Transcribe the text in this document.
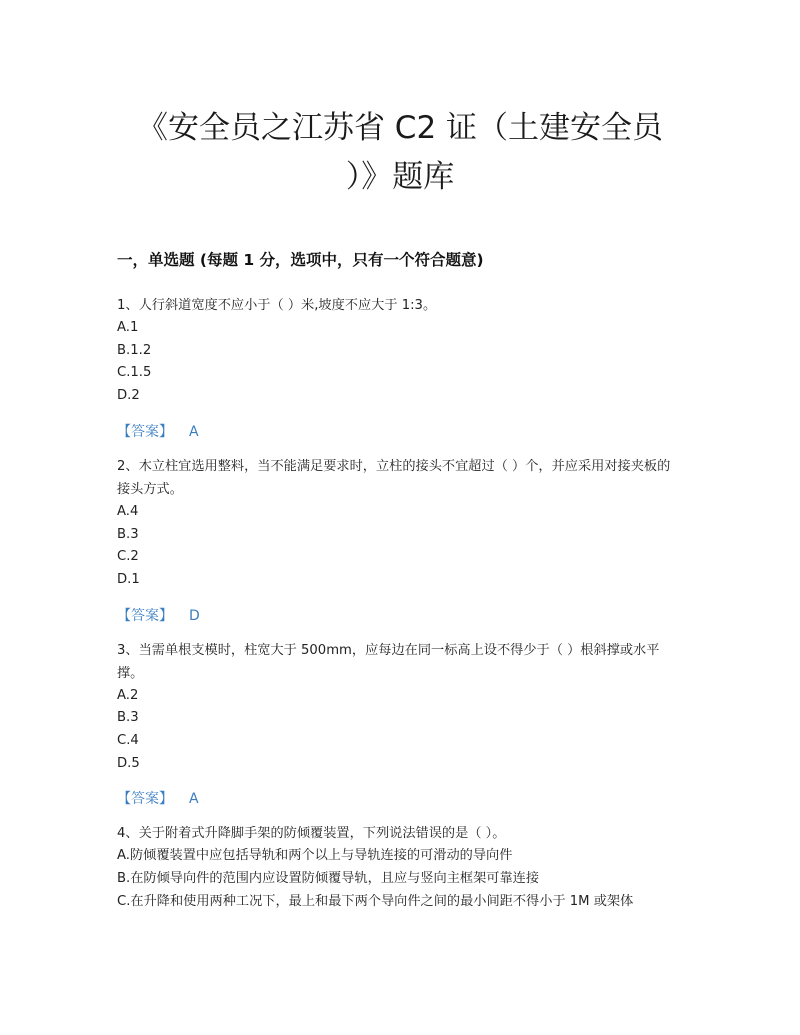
《安全员之江苏省 C2 证（土建安全员
）》题库
一，单选题 (每题 1 分，选项中，只有一个符合题意)

1、人行斜道宽度不应小于（ ）米,坡度不应大于 1:3。

A.1

B.1.2

C.1.5

D.2

【答案】 A

2、木立柱宜选用整料，当不能满足要求时，立柱的接头不宜超过（ ）个，并应采用对接夹板的接头方式。

A.4

B.3

C.2

D.1

【答案】 D

3、当需单根支模时，柱宽大于 500mm，应每边在同一标高上设不得少于（ ）根斜撑或水平撑。

A.2

B.3

C.4

D.5

【答案】 A

4、关于附着式升降脚手架的防倾覆装置，下列说法错误的是（ ）。

A.防倾覆装置中应包括导轨和两个以上与导轨连接的可滑动的导向件

B.在防倾导向件的范围内应设置防倾覆导轨，且应与竖向主框架可靠连接

C.在升降和使用两种工况下，最上和最下两个导向件之间的最小间距不得小于 1M 或架体
